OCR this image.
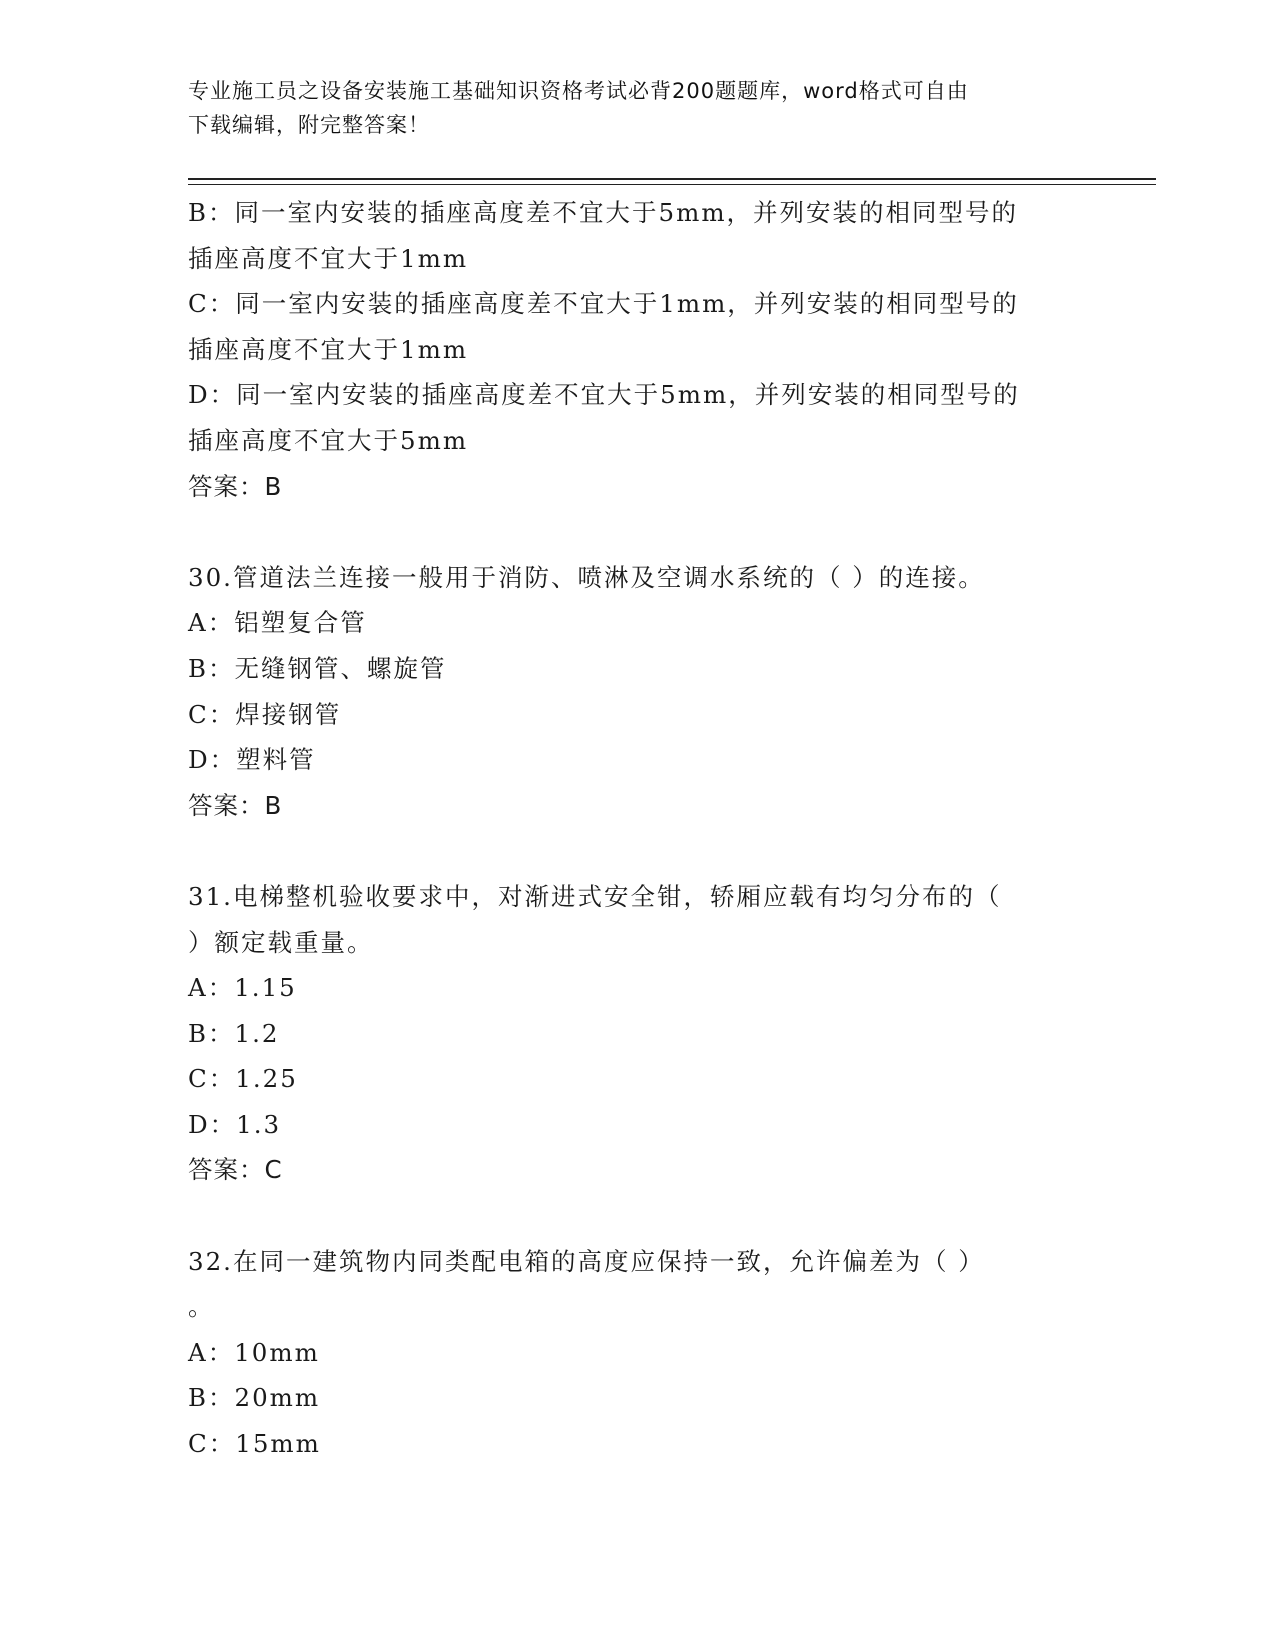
专业施工员之设备安装施工基础知识资格考试必背200题题库，word格式可自由
下载编辑，附完整答案！
B：同一室内安装的插座高度差不宜大于5mm，并列安装的相同型号的
插座高度不宜大于1mm
C：同一室内安装的插座高度差不宜大于1mm，并列安装的相同型号的
插座高度不宜大于1mm
D：同一室内安装的插座高度差不宜大于5mm，并列安装的相同型号的
插座高度不宜大于5mm
答案：B
30.管道法兰连接一般用于消防、喷淋及空调水系统的（ ）的连接。
A：铝塑复合管
B：无缝钢管、螺旋管
C：焊接钢管
D：塑料管
答案：B
31.电梯整机验收要求中，对渐进式安全钳，轿厢应载有均匀分布的（
）额定载重量。
A：1.15
B：1.2
C：1.25
D：1.3
答案：C
32.在同一建筑物内同类配电箱的高度应保持一致，允许偏差为（ ）
。
A：10mm
B：20mm
C：15mm
